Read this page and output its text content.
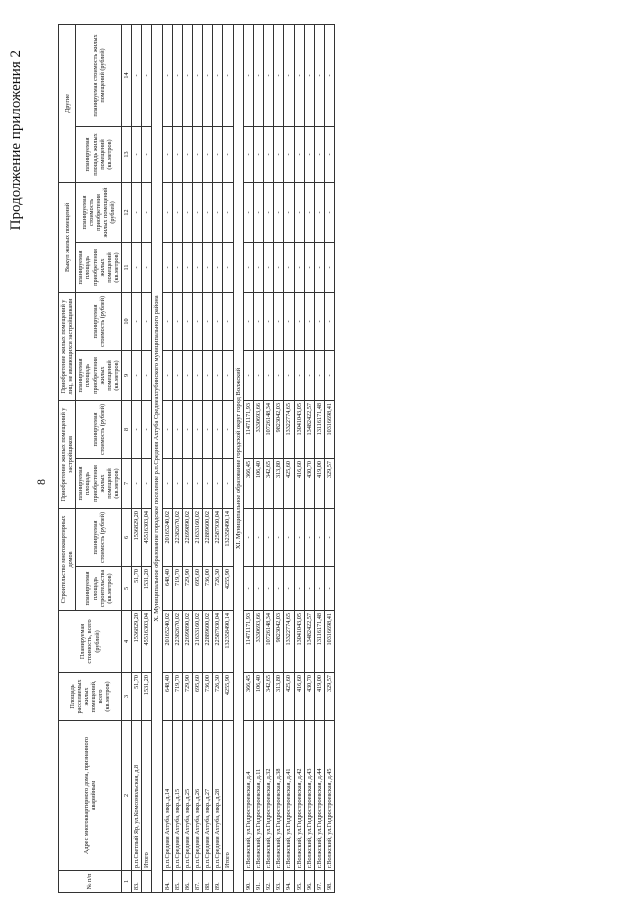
Продолжение приложения 2
8
№ п/п	Адрес многоквартирного дома, признанного аварийным	Площадь расселяемых жилых помещений, всего (кв.метров)	Планируемая стоимость, всего (рублей)	Строительство многоквартирных домов		Приобретение жилых помещений у застройщиков		Приобретение жилых помещений у лиц, не являющихся застройщиками		Выкуп жилых помещений		Другие	
				планируемая площадь строительства (кв.метров)	планируемая стоимость (рублей)	планируемая площадь приобретения жилых помещений (кв.метров)	планируемая стоимость (рублей)	планируемая площадь приобретения жилых помещений (кв.метров)	планируемая стоимость (рублей)	планируемая площадь приобретения жилых помещений (кв.метров)	планируемая стоимость приобретения жилых помещений (рублей)	планируемая площадь жилых помещений (кв.метров)	планируемая стоимость жилых помещений (рублей)
1	2	3	4	5	6	7	8	9	10	11	12	13	14
83.	р.п.Светлый Яр, ул.Комсомольская, д.8	51,70	1536829,20	51,70	1536829,20	-	-	-	-	-	-	-	-
	Итого	1531,20	45516303,04	1531,20	45516303,04	-	-	-	-	-	-	-	-
X. Муниципальное образование городское поселение р.п.Средняя Ахтуба Среднеахтубинского муниципального района													
84.	р.п.Средняя Ахтуба, мкр.,д.14	648,40	20165240,02	648,40	20165240,02	-	-	-	-	-	-	-	-
85.	р.п.Средняя Ахтуба, мкр.,д.15	719,70	22382670,02	719,70	22382670,02	-	-	-	-	-	-	-	-
86.	р.п.Средняя Ахтуба, мкр.,д.25	729,90	22699890,02	729,90	22699890,02	-	-	-	-	-	-	-	-
87.	р.п.Средняя Ахтуба, мкр.,д.26	695,60	21633160,02	695,60	21633160,02	-	-	-	-	-	-	-	-
88.	р.п.Средняя Ахтуба, мкр.,д.27	736,00	22889600,02	736,00	22889600,02	-	-	-	-	-	-	-	-
89.	р.п.Средняя Ахтуба, мкр.,д.28	726,30	22587930,04	726,30	22587930,04	-	-	-	-	-	-	-	-
	Итого	4255,90	132358490,14	4255,90	132358490,14	-	-	-	-	-	-	-	-
XI. Муниципальное образование городской округ город Волжский													
90.	г.Волжский, ул.Гидростроевская, д.4	366,45	11471171,93	-	-	366,45	11471171,93	-	-	-	-	-	-
91.	г.Волжский, ул.Гидростроевская, д.11	106,40	3330693,66	-	-	106,40	3330693,66	-	-	-	-	-	-
92.	г.Волжский, ул.Гидростроевская, д.32	342,65	10726148,34	-	-	342,65	10726148,34	-	-	-	-	-	-
93.	г.Волжский, ул.Гидростроевская, д.38	313,80	9823042,03	-	-	313,80	9823042,03	-	-	-	-	-	-
94.	г.Волжский, ул.Гидростроевская, д.41	425,60	13322774,65	-	-	425,60	13322774,65	-	-	-	-	-	-
95.	г.Волжский, ул.Гидростроевская, д.42	416,60	13041043,05	-	-	416,60	13041043,05	-	-	-	-	-	-
96.	г.Волжский, ул.Гидростроевская, д.43	430,70	13482422,57	-	-	430,70	13482422,57	-	-	-	-	-	-
97.	г.Волжский, ул.Гидростроевская, д.44	419,00	13116171,48	-	-	419,00	13116171,48	-	-	-	-	-	-
98.	г.Волжский, ул.Гидростроевская, д.45	329,57	10316698,41	-	-	329,57	10316698,41	-	-	-	-	-	-
